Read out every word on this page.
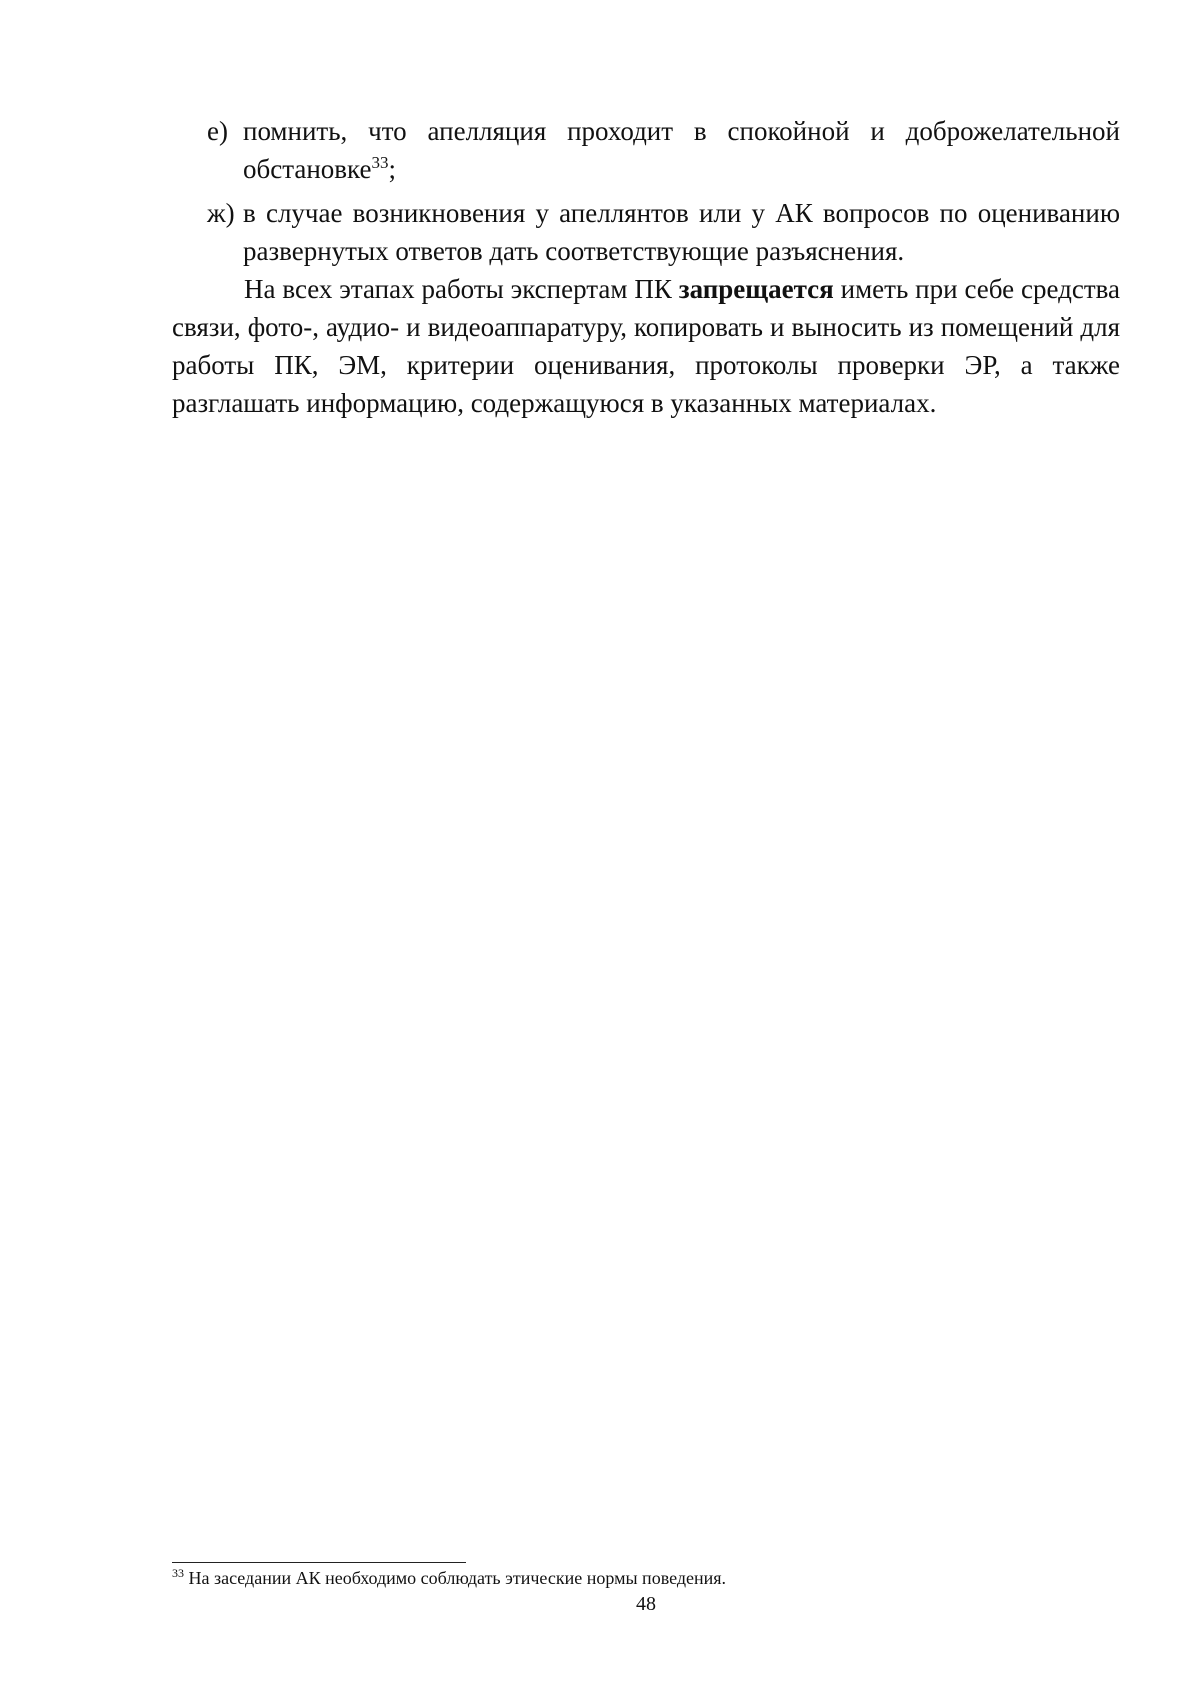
е) помнить, что апелляция проходит в спокойной и доброжелательной обстановке$^{33}$;
ж) в случае возникновения у апеллянтов или у АК вопросов по оцениванию развернутых ответов дать соответствующие разъяснения.

На всех этапах работы экспертам ПК запрещается иметь при себе средства связи, фото-, аудио- и видеоаппаратуру, копировать и выносить из помещений для работы ПК, ЭМ, критерии оценивания, протоколы проверки ЭР, а также разглашать информацию, содержащуюся в указанных материалах.

$^{33}$ На заседании АК необходимо соблюдать этические нормы поведения.
48
